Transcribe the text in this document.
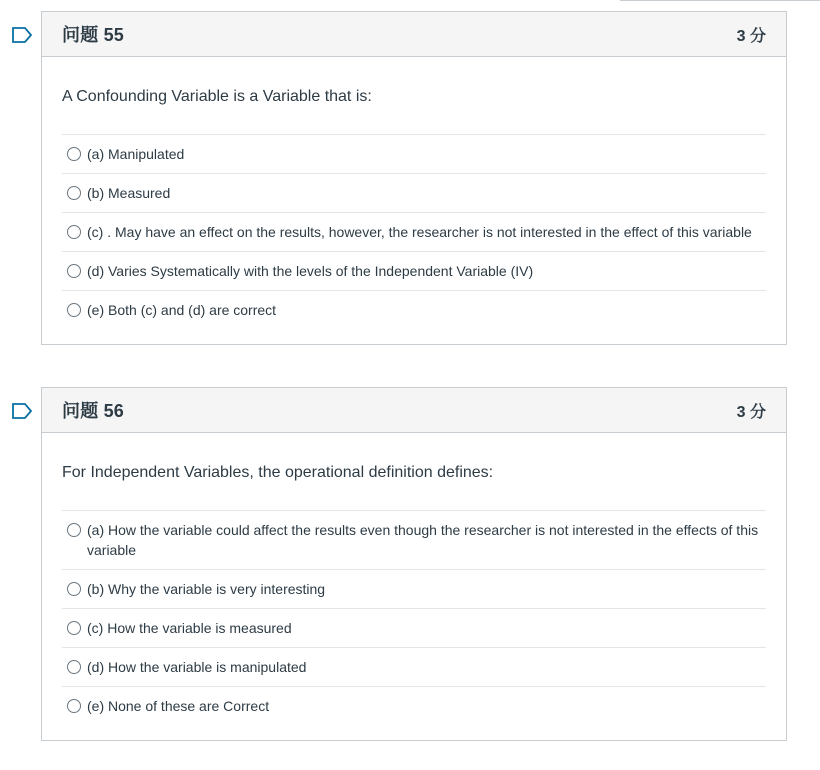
问题 55	3 分
A Confounding Variable is a Variable that is:
(a) Manipulated
(b) Measured
(c) . May have an effect on the results, however, the researcher is not interested in the effect of this variable
(d) Varies Systematically with the levels of the Independent Variable (IV)
(e) Both (c) and (d) are correct
问题 56	3 分
For Independent Variables, the operational definition defines:
(a) How the variable could affect the results even though the researcher is not interested in the effects of this variable
(b) Why the variable is very interesting
(c) How the variable is measured
(d) How the variable is manipulated
(e) None of these are Correct
